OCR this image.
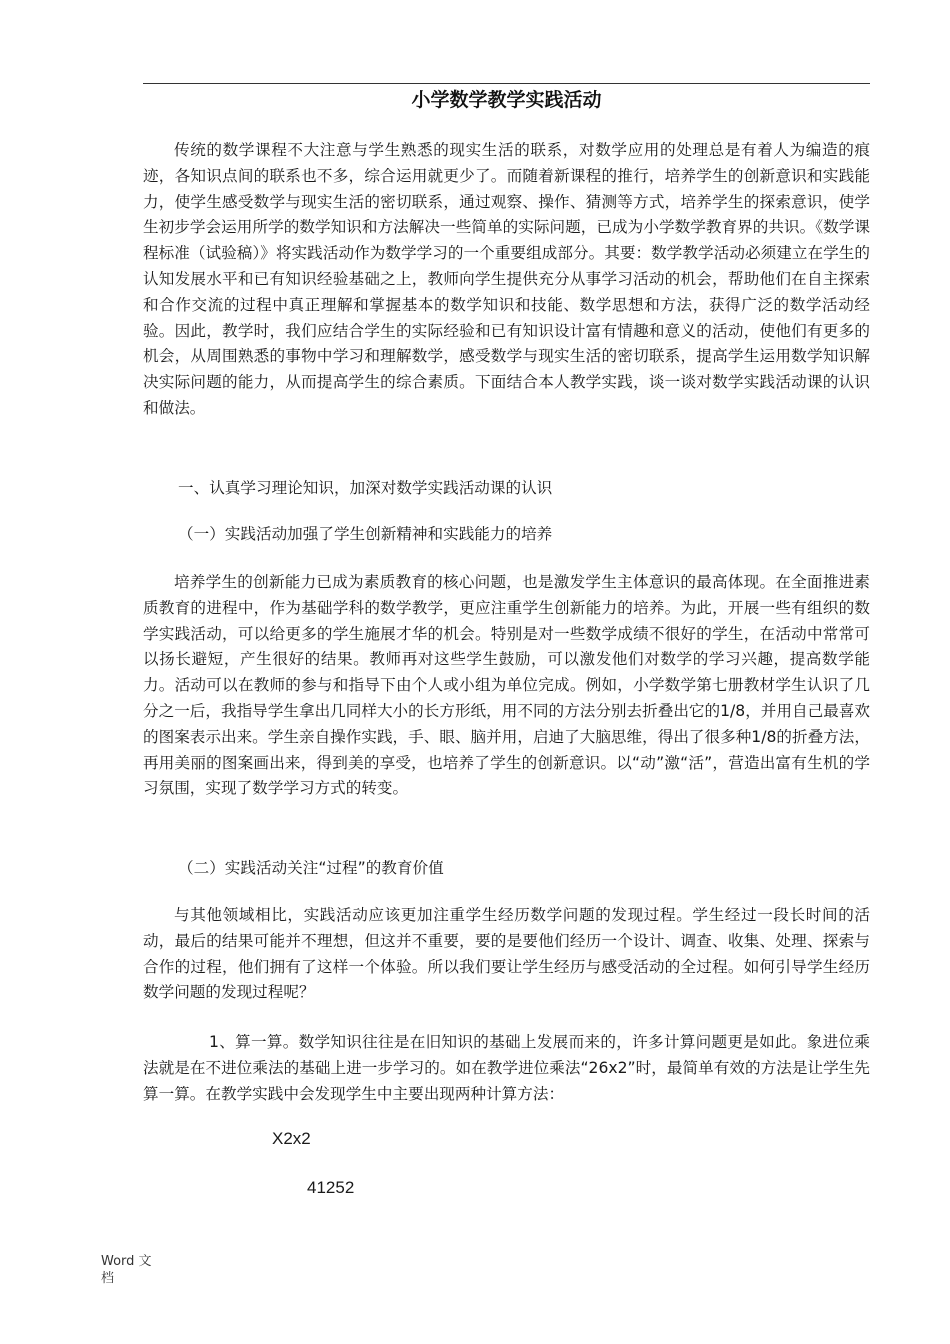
小学数学教学实践活动

传统的数学课程不大注意与学生熟悉的现实生活的联系，对数学应用的处理总是有着人为编造的痕迹，各知识点间的联系也不多，综合运用就更少了。而随着新课程的推行，培养学生的创新意识和实践能力，使学生感受数学与现实生活的密切联系，通过观察、操作、猜测等方式，培养学生的探索意识，使学生初步学会运用所学的数学知识和方法解决一些简单的实际问题，已成为小学数学教育界的共识。《数学课程标准（试验稿）》将实践活动作为数学学习的一个重要组成部分。其要：数学教学活动必须建立在学生的认知发展水平和已有知识经验基础之上，教师向学生提供充分从事学习活动的机会，帮助他们在自主探索和合作交流的过程中真正理解和掌握基本的数学知识和技能、数学思想和方法，获得广泛的数学活动经验。因此，教学时，我们应结合学生的实际经验和已有知识设计富有情趣和意义的活动，使他们有更多的机会，从周围熟悉的事物中学习和理解数学，感受数学与现实生活的密切联系，提高学生运用数学知识解决实际问题的能力，从而提高学生的综合素质。下面结合本人教学实践，谈一谈对数学实践活动课的认识和做法。

一、认真学习理论知识，加深对数学实践活动课的认识

（一）实践活动加强了学生创新精神和实践能力的培养

培养学生的创新能力已成为素质教育的核心问题，也是激发学生主体意识的最高体现。在全面推进素质教育的进程中，作为基础学科的数学教学，更应注重学生创新能力的培养。为此，开展一些有组织的数学实践活动，可以给更多的学生施展才华的机会。特别是对一些数学成绩不很好的学生，在活动中常常可以扬长避短，产生很好的结果。教师再对这些学生鼓励，可以激发他们对数学的学习兴趣，提高数学能力。活动可以在教师的参与和指导下由个人或小组为单位完成。例如，小学数学第七册教材学生认识了几分之一后，我指导学生拿出几同样大小的长方形纸，用不同的方法分别去折叠出它的1/8，并用自己最喜欢的图案表示出来。学生亲自操作实践，手、眼、脑并用，启迪了大脑思维，得出了很多种1/8的折叠方法，再用美丽的图案画出来，得到美的享受，也培养了学生的创新意识。以“动”激“活”，营造出富有生机的学习氛围，实现了数学学习方式的转变。

（二）实践活动关注“过程”的教育价值

与其他领域相比，实践活动应该更加注重学生经历数学问题的发现过程。学生经过一段长时间的活动，最后的结果可能并不理想，但这并不重要，要的是要他们经历一个设计、调查、收集、处理、探索与合作的过程，他们拥有了这样一个体验。所以我们要让学生经历与感受活动的全过程。如何引导学生经历数学问题的发现过程呢？

1、算一算。数学知识往往是在旧知识的基础上发展而来的，许多计算问题更是如此。象进位乘法就是在不进位乘法的基础上进一步学习的。如在教学进位乘法“26x2”时，最简单有效的方法是让学生先算一算。在教学实践中会发现学生中主要出现两种计算方法：

X2x2
41252
Word 文
档
